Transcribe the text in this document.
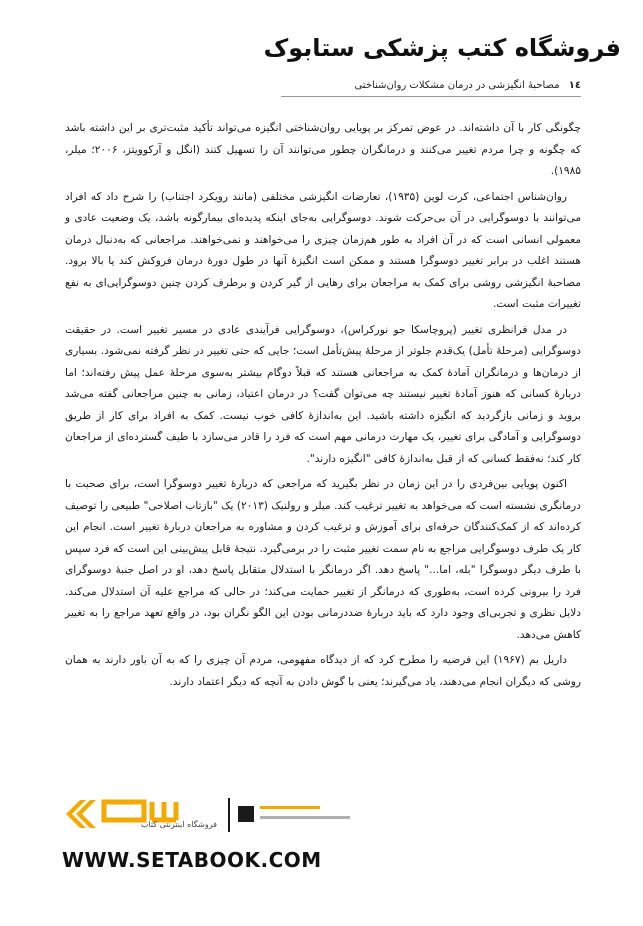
فروشگاه کتب پزشکی ستابوک
١٤ مصاحبهٔ انگیزشی در درمان مشکلات روان‌شناختی

چگونگی کار با آن داشته‌اند. در عوض تمرکز بر پویایی روان‌شناختی انگیزه می‌تواند تأکید مثبت‌تری بر این داشته باشد که چگونه و چرا مردم تغییر می‌کنند و درمانگران چطور می‌توانند آن را تسهیل کنند (انگل و آرکوویتز، ۲۰۰۶؛ میلر، ۱۹۸۵).

روان‌شناس اجتماعی، کرت لوین (۱۹۳۵)، تعارضات انگیزشی مختلفی (مانند رویکرد اجتناب) را شرح داد که افراد می‌توانند با دوسوگرایی در آن بی‌حرکت شوند. دوسوگرایی به‌جای اینکه پدیده‌ای بیمارگونه باشد، یک وضعیت عادی و معمولی انسانی است که در آن افراد به طور هم‌زمان چیزی را می‌خواهند و نمی‌خواهند. مراجعانی که به‌دنبال درمان هستند اغلب در برابر تغییر دوسوگرا هستند و ممکن است انگیزهٔ آنها در طول دورهٔ درمان فروکش کند یا بالا برود. مصاحبهٔ انگیزشی روشی برای کمک به مراجعان برای رهایی از گیر کردن و برطرف کردن چنین دوسوگرایی‌ای به نفع تغییرات مثبت است.

در مدل فرانظری تغییر (پروچاسکا جو نورکراس)، دوسوگرایی فرآیندی عادی در مسیر تغییر است. در حقیقت دوسوگرایی (مرحلهٔ تأمل) یک‌قدم جلوتر از مرحلهٔ پیش‌تأمل است؛ جایی که حتی تغییر در نظر گرفته نمی‌شود. بسیاری از درمان‌ها و درمانگران آمادهٔ کمک به مراجعانی هستند که قبلاً دوگام بیشتر به‌سوی مرحلهٔ عمل پیش رفته‌اند؛ اما دربارهٔ کسانی که هنوز آمادهٔ تغییر نیستند چه می‌توان گفت؟ در درمان اعتیاد، زمانی به چنین مراجعانی گفته می‌شد بروید و زمانی بازگردید که انگیزه داشته باشید. این به‌اندازهٔ کافی خوب نیست. کمک به افراد برای کار از طریق دوسوگرایی و آمادگی برای تغییر، یک مهارت درمانی مهم است که فرد را قادر می‌سازد با طیف گسترده‌ای از مراجعان کار کند؛ نه‌فقط کسانی که از قبل به‌اندازهٔ کافی "انگیزه دارند".

اکنون پویایی بین‌فردی را در این زمان در نظر بگیرید که مراجعی که دربارهٔ تغییر دوسوگرا است، برای صحبت با درمانگری نشسته است که می‌خواهد به تغییر ترغیب کند. میلر و رولنیک (۲۰۱۳) یک "بازتاب اصلاحی" طبیعی را توصیف کرده‌اند که از کمک‌کنندگان حرفه‌ای برای آموزش و ترغیب کردن و مشاوره به مراجعان دربارهٔ تغییر است. انجام این کار یک طرف دوسوگرایی مراجع به نام سمت تغییر مثبت را در برمی‌گیرد. نتیجهٔ قابل پیش‌بینی این است که فرد سپس با طرف دیگر دوسوگرا "بله، اما..." پاسخ دهد. اگر درمانگر با استدلال متقابل پاسخ دهد، او در اصل جنبهٔ دوسوگرای فرد را بیرونی کرده است، به‌طوری که درمانگر از تغییر حمایت می‌کند؛ در حالی که مراجع علیه آن استدلال می‌کند. دلایل نظری و تجربی‌ای وجود دارد که باید دربارهٔ ضددرمانی بودن این الگو نگران بود، در واقع تعهد مراجع را به تغییر کاهش می‌دهد.

داریل بم (۱۹۶۷) این فرضیه را مطرح کرد که از دیدگاه مفهومی، مردم آن چیزی را که به آن باور دارند به همان روشی که دیگران انجام می‌دهند، یاد می‌گیرند؛ یعنی با گوش دادن به آنچه که دیگر اعتماد دارند.

فروشگاه اینترنتی کتاب
WWW.SETABOOK.COM
